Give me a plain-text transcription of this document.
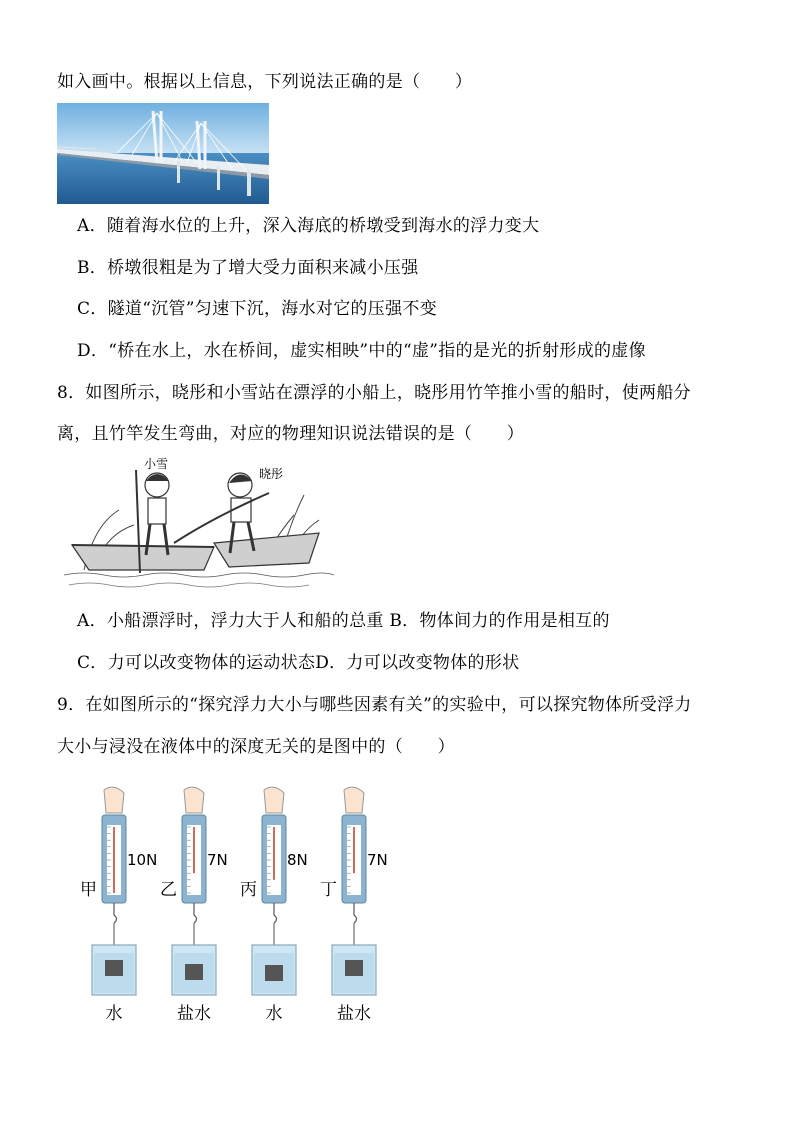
如入画中。根据以上信息，下列说法正确的是（　　）
A．随着海水位的上升，深入海底的桥墩受到海水的浮力变大
B．桥墩很粗是为了增大受力面积来减小压强
C．隧道“沉管”匀速下沉，海水对它的压强不变
D．“桥在水上，水在桥间，虚实相映”中的“虚”指的是光的折射形成的虚像
8．如图所示，晓彤和小雪站在漂浮的小船上，晓彤用竹竿推小雪的船时，使两船分
离，且竹竿发生弯曲，对应的物理知识说法错误的是（　　）
小雪
晓彤
A．小船漂浮时，浮力大于人和船的总重 B．物体间力的作用是相互的
C．力可以改变物体的运动状态D．力可以改变物体的形状
9．在如图所示的“探究浮力大小与哪些因素有关”的实验中，可以探究物体所受浮力
大小与浸没在液体中的深度无关的是图中的（　　）
甲
10N
水
乙
7N
盐水
丙
8N
水
丁
7N
盐水
